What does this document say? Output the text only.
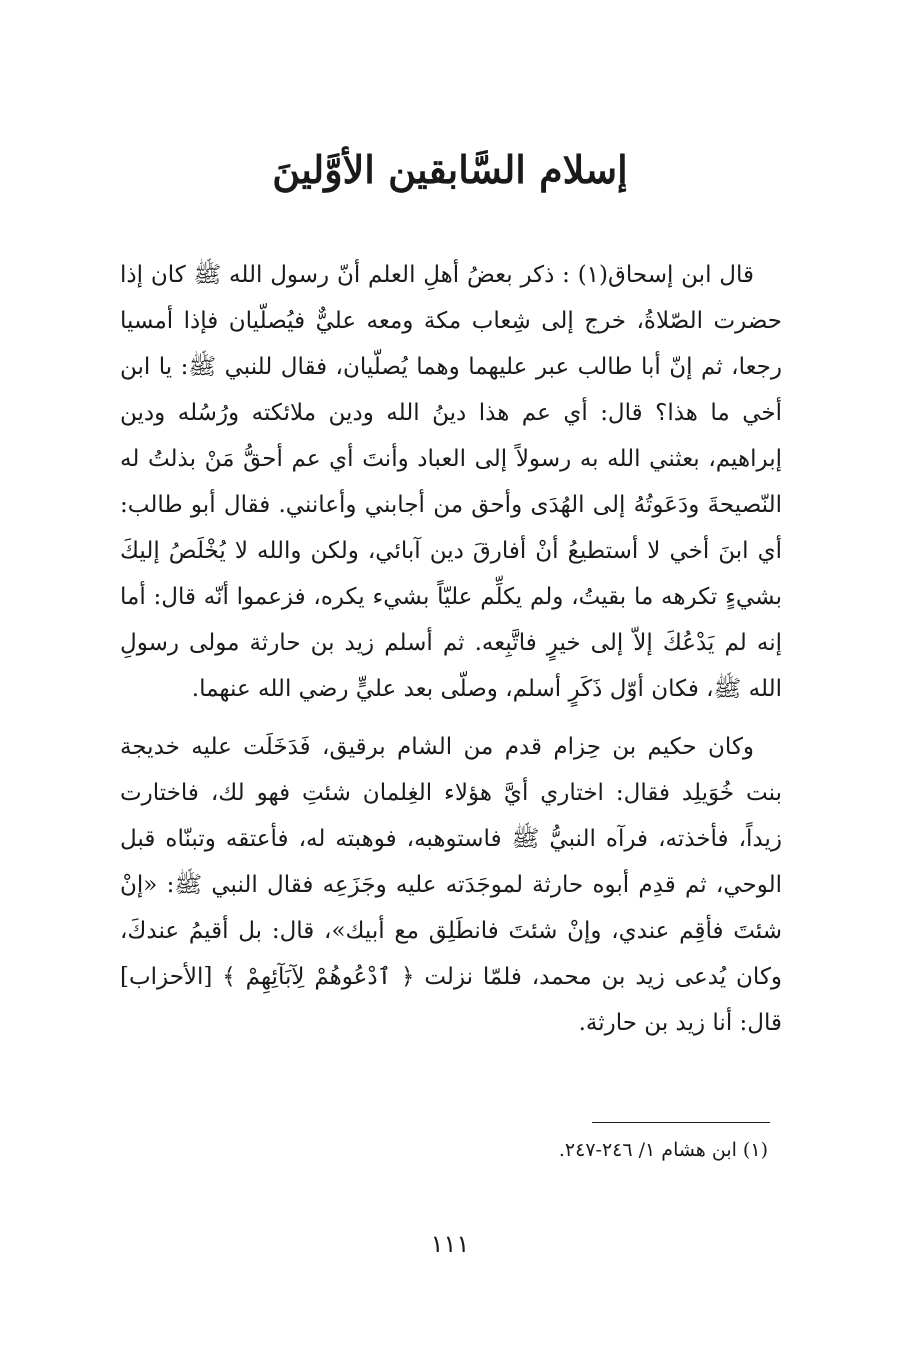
إسلام السَّابقين الأوَّلينَ

قال ابن إسحاق(١) : ذكر بعضُ أهلِ العلم أنّ رسول الله ﷺ كان إذا حضرت الصّلاةُ، خرج إلى شِعاب مكة ومعه عليٌّ فيُصلّيان فإذا أمسيا رجعا، ثم إنّ أبا طالب عبر عليهما وهما يُصلّيان، فقال للنبي ﷺ: يا ابن أخي ما هذا؟ قال: أي عم هذا دينُ الله ودين ملائكته ورُسُله ودين إبراهيم، بعثني الله به رسولاً إلى العباد وأنتَ أي عم أحقُّ مَنْ بذلتُ له النّصيحةَ ودَعَوتُهُ إلى الهُدَى وأحق من أجابني وأعانني. فقال أبو طالب: أي ابنَ أخي لا أستطيعُ أنْ أفارقَ دين آبائي، ولكن والله لا يُخْلَصُ إليكَ بشيءٍ تكرهه ما بقيتُ، ولم يكلِّم عليّاً بشيء يكره، فزعموا أنّه قال: أما إنه لم يَدْعُكَ إلاّ إلى خيرٍ فاتَّبِعه. ثم أسلم زيد بن حارثة مولى رسولِ الله ﷺ، فكان أوّل ذَكَرٍ أسلم، وصلّى بعد عليٍّ رضي الله عنهما.

وكان حكيم بن حِزام قدم من الشام برقيق، فَدَخَلَت عليه خديجة بنت خُوَيلِد فقال: اختاري أيَّ هؤلاء الغِلمان شئتِ فهو لك، فاختارت زيداً، فأخذته، فرآه النبيُّ ﷺ فاستوهبه، فوهبته له، فأعتقه وتبنّاه قبل الوحي، ثم قدِم أبوه حارثة لموجَدَته عليه وجَزَعِه فقال النبي ﷺ: «إنْ شئتَ فأقِم عندي، وإنْ شئتَ فانطَلِق مع أبيك»، قال: بل أقيمُ عندكَ، وكان يُدعى زيد بن محمد، فلمّا نزلت ﴿ ٱدْعُوهُمْ لِآبَآئِهِمْ ﴾ [الأحزاب] قال: أنا زيد بن حارثة.

(١) ابن هشام ١/ ٢٤٦-٢٤٧.

١١١
